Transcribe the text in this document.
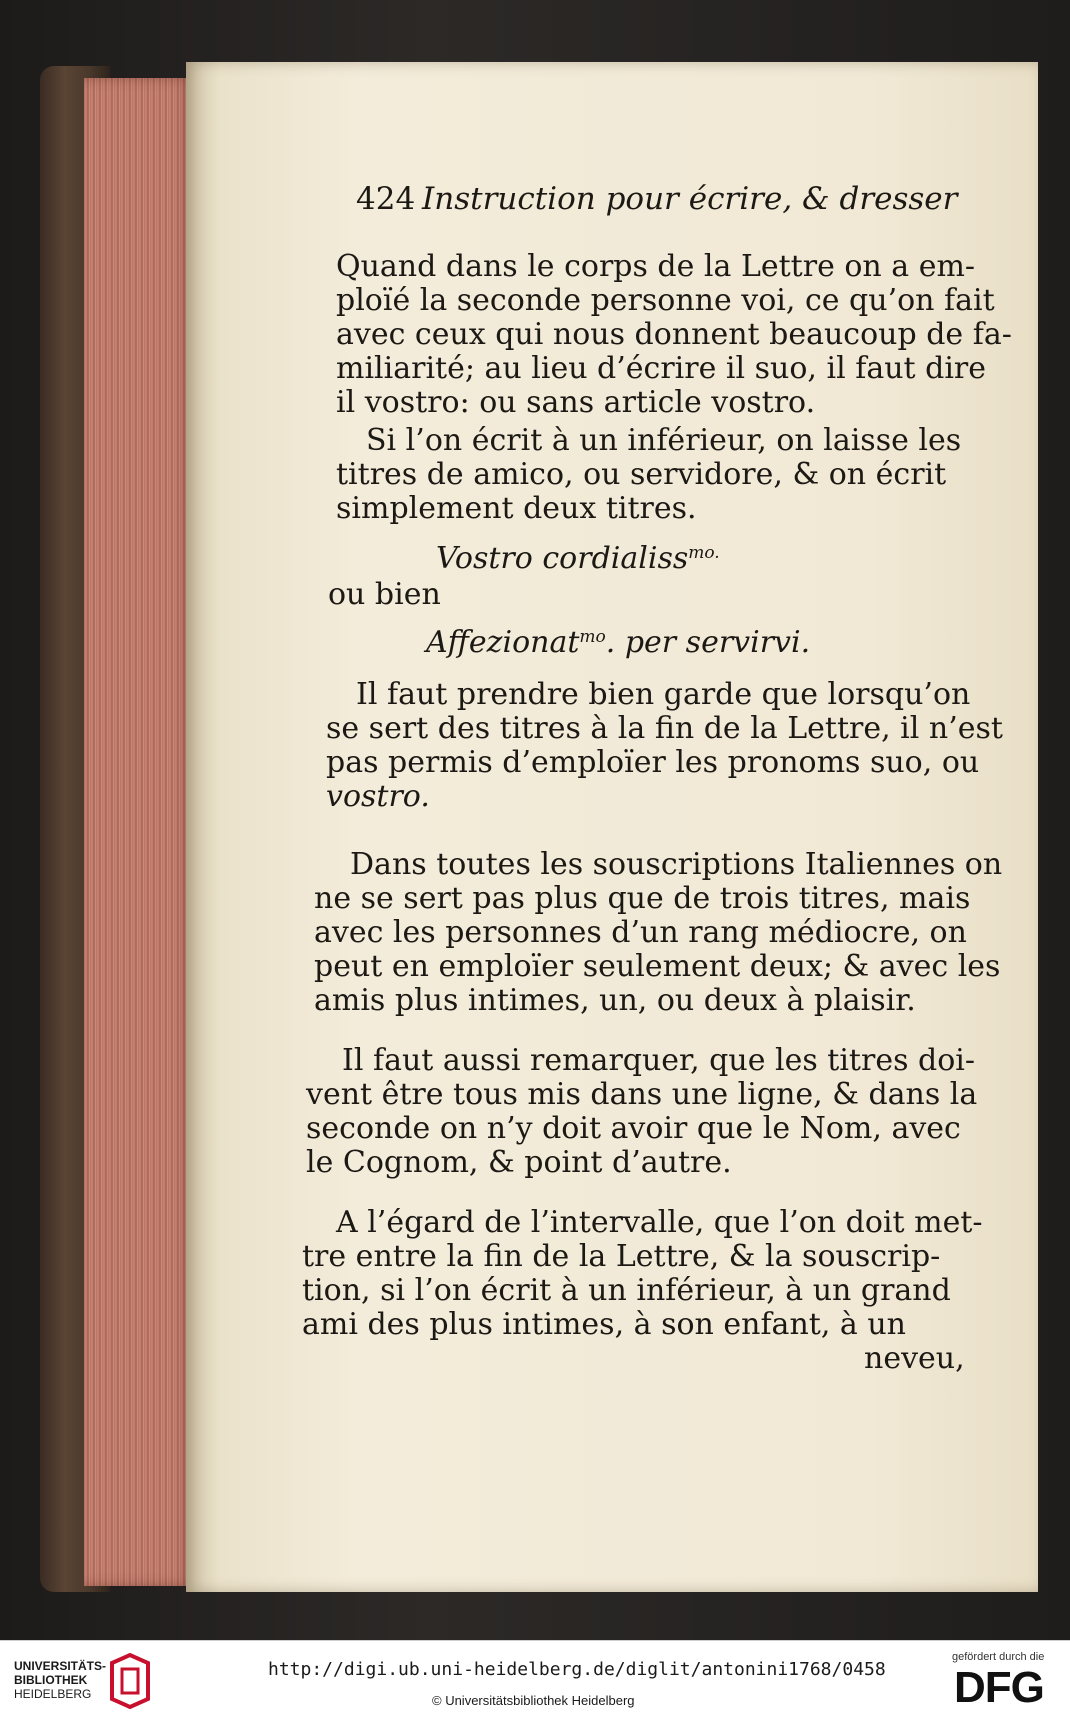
424 Instruction pour écrire, & dresser
Quand dans le corps de la Lettre on a em-
ploïé la seconde personne voi, ce qu’on fait
avec ceux qui nous donnent beaucoup de fa-
miliarité; au lieu d’écrire il suo, il faut dire
il vostro: ou sans article vostro.
Si l’on écrit à un inférieur, on laisse les
titres de amico, ou servidore, & on écrit
simplement deux titres.
Vostro cordialiss$^{mo.}$
ou bien
Affezionat$^{mo}$. per servirvi.
Il faut prendre bien garde que lorsqu’on
se sert des titres à la fin de la Lettre, il n’est
pas permis d’emploïer les pronoms suo, ou
vostro.
Dans toutes les souscriptions Italiennes on
ne se sert pas plus que de trois titres, mais
avec les personnes d’un rang médiocre, on
peut en emploïer seulement deux; & avec les
amis plus intimes, un, ou deux à plaisir.
Il faut aussi remarquer, que les titres doi-
vent être tous mis dans une ligne, & dans la
seconde on n’y doit avoir que le Nom, avec
le Cognom, & point d’autre.
A l’égard de l’intervalle, que l’on doit met-
tre entre la fin de la Lettre, & la souscrip-
tion, si l’on écrit à un inférieur, à un grand
ami des plus intimes, à son enfant, à un
neveu,
UNIVERSITÄTS-
BIBLIOTHEK
HEIDELBERG
http://digi.ub.uni-heidelberg.de/diglit/antonini1768/0458
© Universitätsbibliothek Heidelberg
gefördert durch die
DFG
